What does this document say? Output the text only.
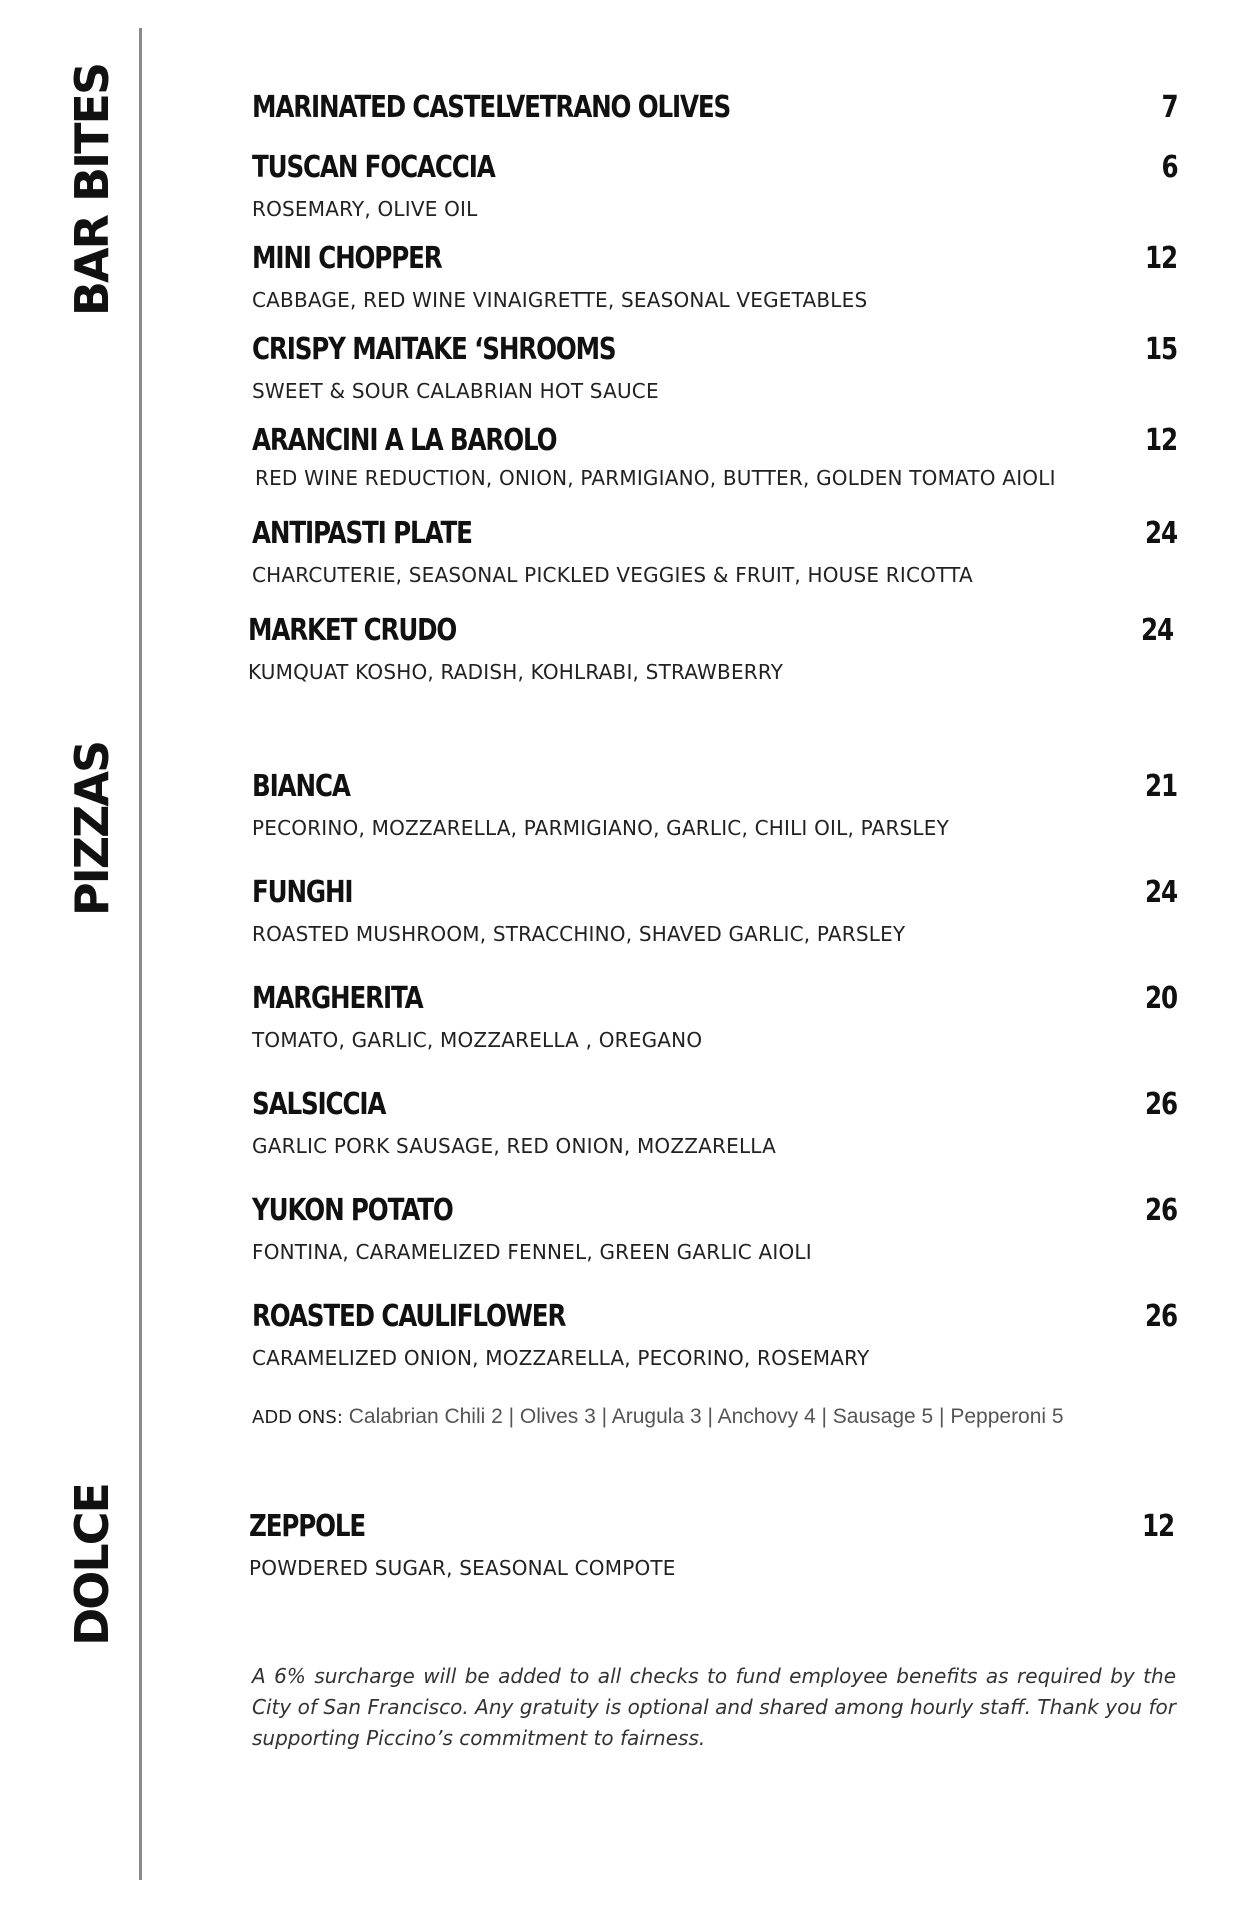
BAR BITES
PIZZAS
DOLCE
MARINATED CASTELVETRANO OLIVES	7
TUSCAN FOCACCIA	6
ROSEMARY, OLIVE OIL
MINI CHOPPER	12
CABBAGE, RED WINE VINAIGRETTE, SEASONAL VEGETABLES
CRISPY MAITAKE ‘SHROOMS	15
SWEET & SOUR CALABRIAN HOT SAUCE
ARANCINI A LA BAROLO	12
RED WINE REDUCTION, ONION, PARMIGIANO, BUTTER, GOLDEN TOMATO AIOLI
ANTIPASTI PLATE	24
CHARCUTERIE, SEASONAL PICKLED VEGGIES & FRUIT, HOUSE RICOTTA
MARKET CRUDO	24
KUMQUAT KOSHO, RADISH, KOHLRABI, STRAWBERRY
BIANCA	21
PECORINO, MOZZARELLA, PARMIGIANO, GARLIC, CHILI OIL, PARSLEY
FUNGHI	24
ROASTED MUSHROOM, STRACCHINO, SHAVED GARLIC, PARSLEY
MARGHERITA	20
TOMATO, GARLIC, MOZZARELLA , OREGANO
SALSICCIA	26
GARLIC PORK SAUSAGE, RED ONION, MOZZARELLA
YUKON POTATO	26
FONTINA, CARAMELIZED FENNEL, GREEN GARLIC AIOLI
ROASTED CAULIFLOWER	26
CARAMELIZED ONION, MOZZARELLA, PECORINO, ROSEMARY
ADD ONS: Calabrian Chili 2 | Olives 3 | Arugula 3 | Anchovy 4 | Sausage 5 | Pepperoni 5
ZEPPOLE	12
POWDERED SUGAR, SEASONAL COMPOTE
A 6% surcharge will be added to all checks to fund employee benefits as required by the City of San Francisco. Any gratuity is optional and shared among hourly staff. Thank you for supporting Piccino’s commitment to fairness.
